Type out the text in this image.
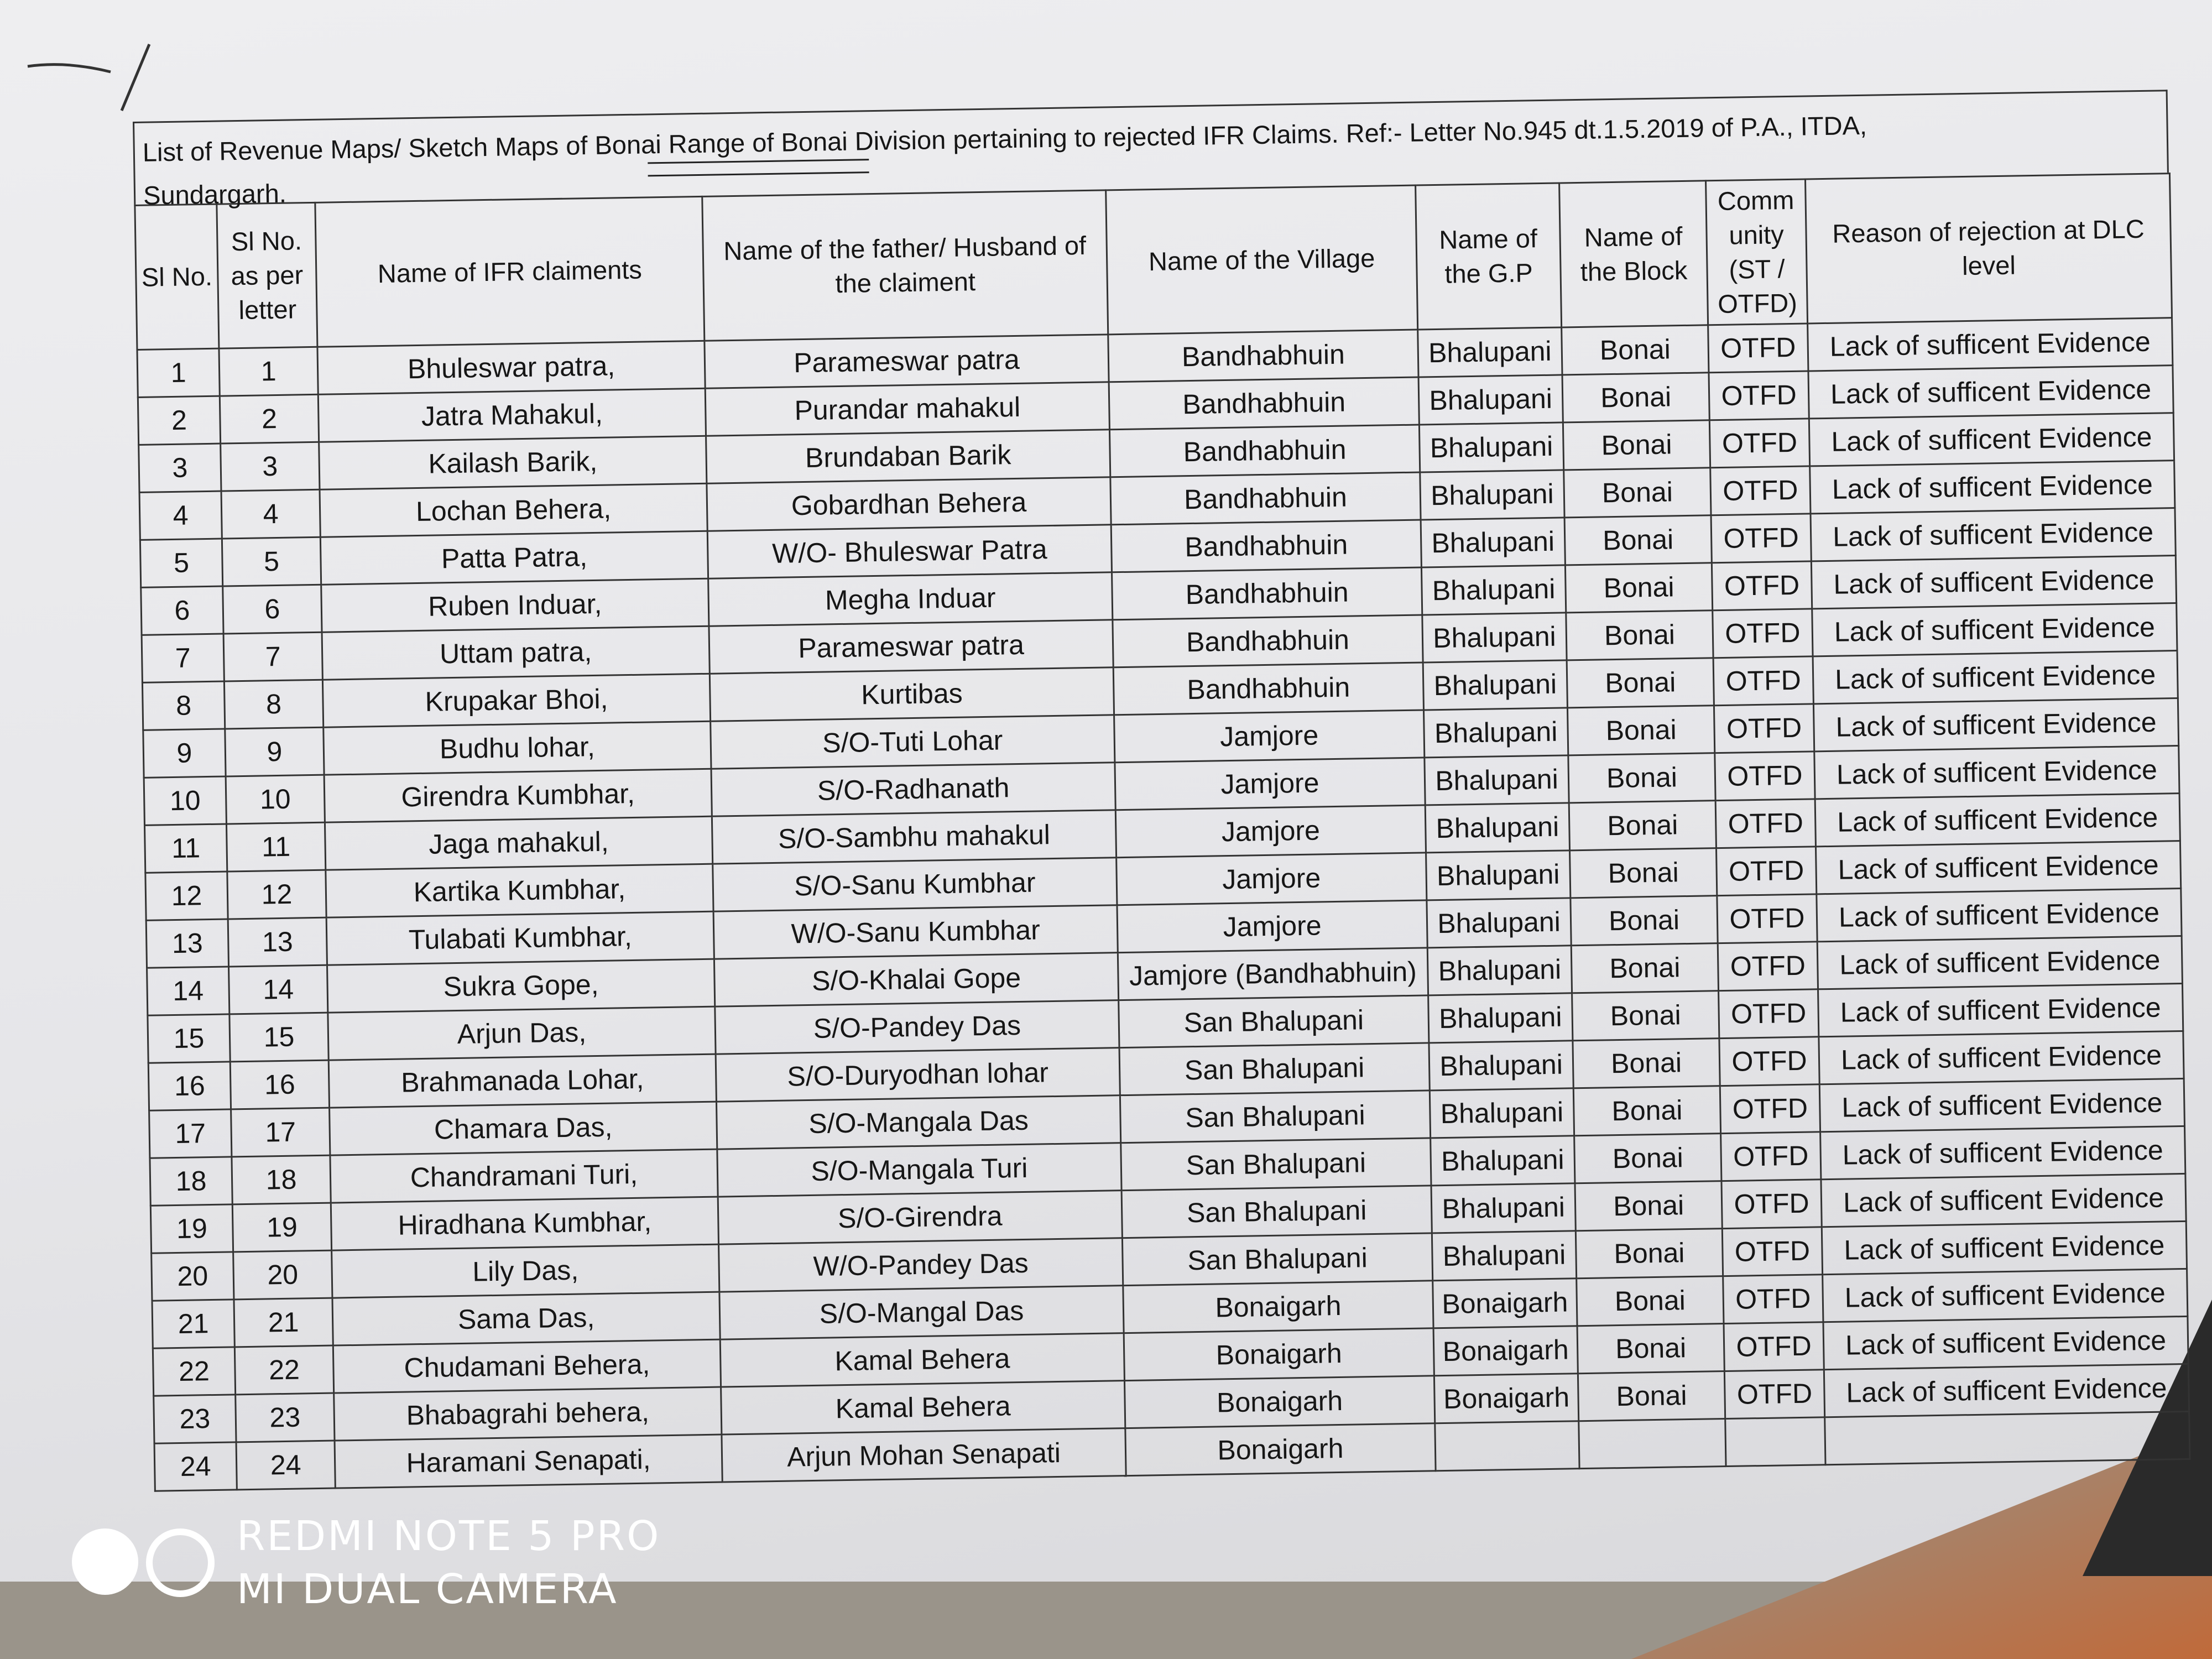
List of Revenue Maps/ Sketch Maps of Bonai Range of Bonai Division pertaining to rejected IFR Claims. Ref:- Letter No.945 dt.1.5.2019 of P.A., ITDA,
Sundargarh.
Sl No.	Sl No. as per letter	Name of IFR claiments	Name of the father/ Husband of the claiment	Name of the Village	Name of the G.P	Name of the Block	Comm unity (ST / OTFD)	Reason of rejection at DLC level
1	1	Bhuleswar patra,	Parameswar patra	Bandhabhuin	Bhalupani	Bonai	OTFD	Lack of sufficent Evidence
2	2	Jatra Mahakul,	Purandar mahakul	Bandhabhuin	Bhalupani	Bonai	OTFD	Lack of sufficent Evidence
3	3	Kailash Barik,	Brundaban Barik	Bandhabhuin	Bhalupani	Bonai	OTFD	Lack of sufficent Evidence
4	4	Lochan Behera,	Gobardhan Behera	Bandhabhuin	Bhalupani	Bonai	OTFD	Lack of sufficent Evidence
5	5	Patta Patra,	W/O- Bhuleswar Patra	Bandhabhuin	Bhalupani	Bonai	OTFD	Lack of sufficent Evidence
6	6	Ruben Induar,	Megha Induar	Bandhabhuin	Bhalupani	Bonai	OTFD	Lack of sufficent Evidence
7	7	Uttam patra,	Parameswar patra	Bandhabhuin	Bhalupani	Bonai	OTFD	Lack of sufficent Evidence
8	8	Krupakar Bhoi,	Kurtibas	Bandhabhuin	Bhalupani	Bonai	OTFD	Lack of sufficent Evidence
9	9	Budhu lohar,	S/O-Tuti Lohar	Jamjore	Bhalupani	Bonai	OTFD	Lack of sufficent Evidence
10	10	Girendra Kumbhar,	S/O-Radhanath	Jamjore	Bhalupani	Bonai	OTFD	Lack of sufficent Evidence
11	11	Jaga mahakul,	S/O-Sambhu mahakul	Jamjore	Bhalupani	Bonai	OTFD	Lack of sufficent Evidence
12	12	Kartika Kumbhar,	S/O-Sanu Kumbhar	Jamjore	Bhalupani	Bonai	OTFD	Lack of sufficent Evidence
13	13	Tulabati Kumbhar,	W/O-Sanu Kumbhar	Jamjore	Bhalupani	Bonai	OTFD	Lack of sufficent Evidence
14	14	Sukra Gope,	S/O-Khalai Gope	Jamjore (Bandhabhuin)	Bhalupani	Bonai	OTFD	Lack of sufficent Evidence
15	15	Arjun Das,	S/O-Pandey Das	San Bhalupani	Bhalupani	Bonai	OTFD	Lack of sufficent Evidence
16	16	Brahmanada Lohar,	S/O-Duryodhan lohar	San Bhalupani	Bhalupani	Bonai	OTFD	Lack of sufficent Evidence
17	17	Chamara Das,	S/O-Mangala Das	San Bhalupani	Bhalupani	Bonai	OTFD	Lack of sufficent Evidence
18	18	Chandramani Turi,	S/O-Mangala Turi	San Bhalupani	Bhalupani	Bonai	OTFD	Lack of sufficent Evidence
19	19	Hiradhana Kumbhar,	S/O-Girendra	San Bhalupani	Bhalupani	Bonai	OTFD	Lack of sufficent Evidence
20	20	Lily Das,	W/O-Pandey Das	San Bhalupani	Bhalupani	Bonai	OTFD	Lack of sufficent Evidence
21	21	Sama Das,	S/O-Mangal Das	Bonaigarh	Bonaigarh	Bonai	OTFD	Lack of sufficent Evidence
22	22	Chudamani Behera,	Kamal Behera	Bonaigarh	Bonaigarh	Bonai	OTFD	Lack of sufficent Evidence
23	23	Bhabagrahi behera,	Kamal Behera	Bonaigarh	Bonaigarh	Bonai	OTFD	Lack of sufficent Evidence
24	24	Haramani Senapati,	Arjun Mohan Senapati	Bonaigarh				
REDMI NOTE 5 PRO
MI DUAL CAMERA
